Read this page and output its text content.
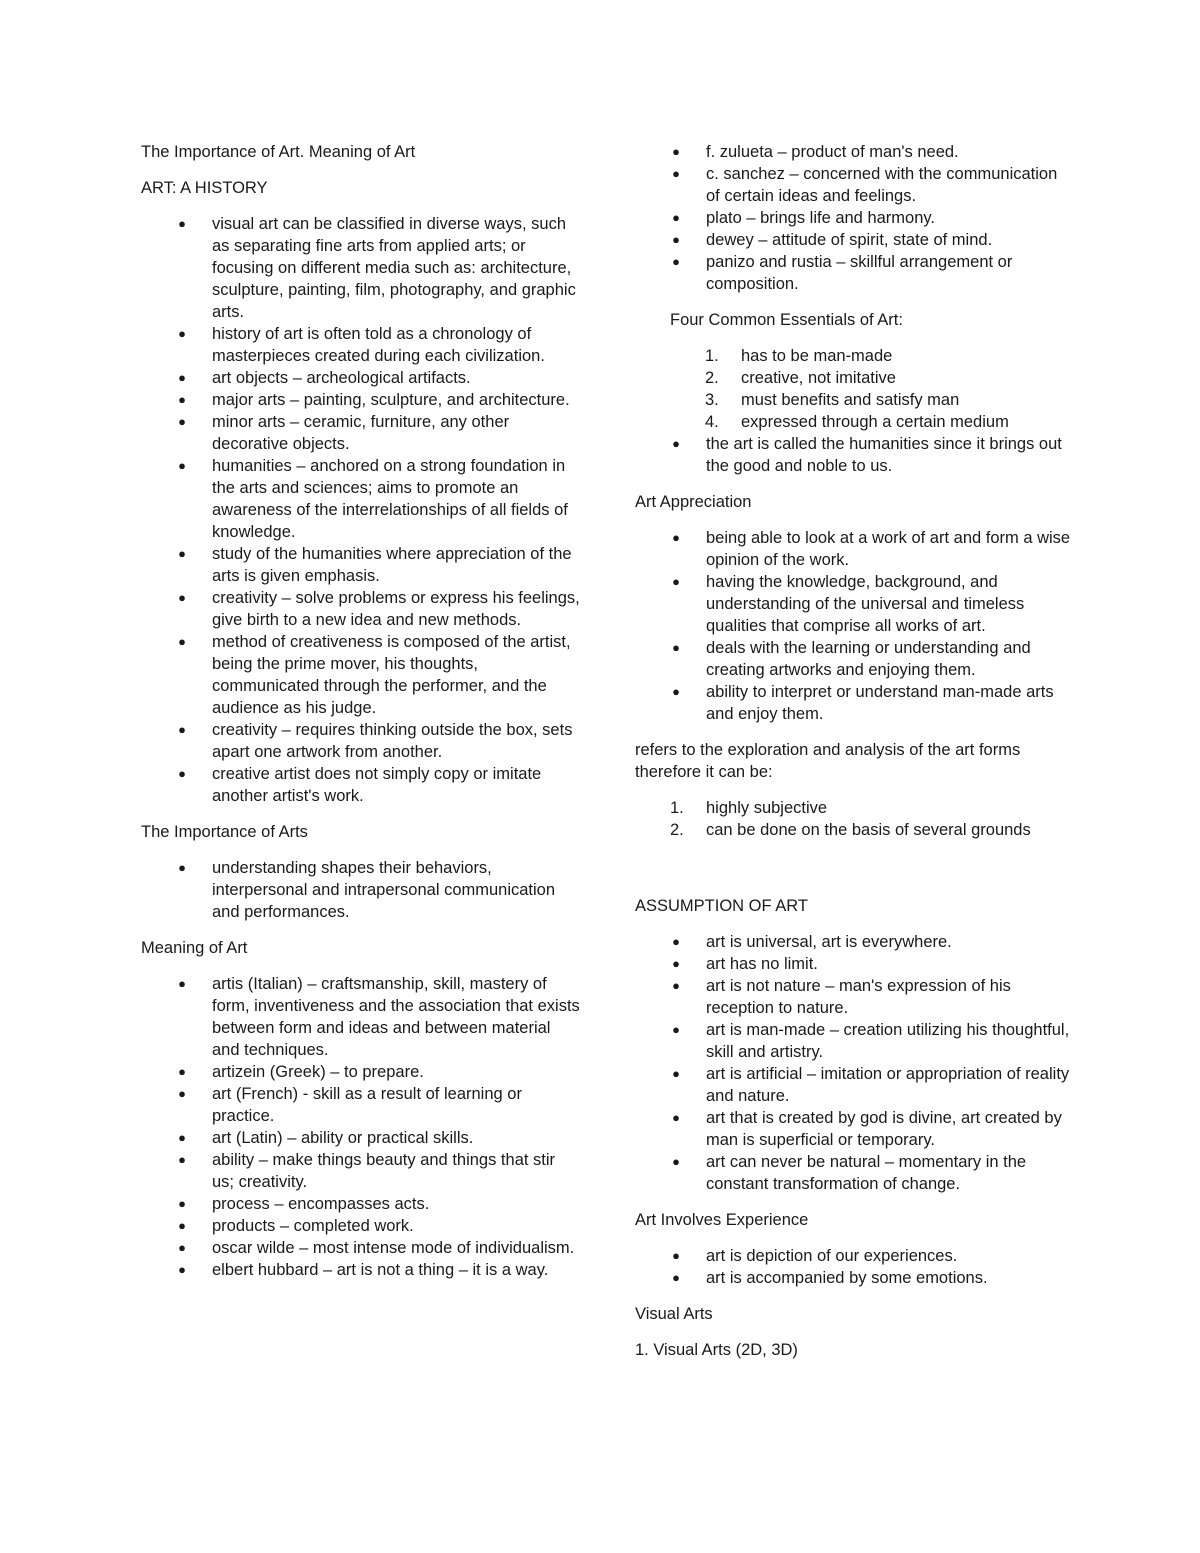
The Importance of Art. Meaning of Art

ART: A HISTORY

● visual art can be classified in diverse ways, such as separating fine arts from applied arts; or focusing on different media such as: architecture, sculpture, painting, film, photography, and graphic arts.
● history of art is often told as a chronology of masterpieces created during each civilization.
● art objects – archeological artifacts.
● major arts – painting, sculpture, and architecture.
● minor arts – ceramic, furniture, any other decorative objects.
● humanities – anchored on a strong foundation in the arts and sciences; aims to promote an awareness of the interrelationships of all fields of knowledge.
● study of the humanities where appreciation of the arts is given emphasis.
● creativity – solve problems or express his feelings, give birth to a new idea and new methods.
● method of creativeness is composed of the artist, being the prime mover, his thoughts, communicated through the performer, and the audience as his judge.
● creativity – requires thinking outside the box, sets apart one artwork from another.
● creative artist does not simply copy or imitate another artist's work.

The Importance of Arts

● understanding shapes their behaviors, interpersonal and intrapersonal communication and performances.

Meaning of Art

● artis (Italian) – craftsmanship, skill, mastery of form, inventiveness and the association that exists between form and ideas and between material and techniques.
● artizein (Greek) – to prepare.
● art (French) - skill as a result of learning or practice.
● art (Latin) – ability or practical skills.
● ability – make things beauty and things that stir us; creativity.
● process – encompasses acts.
● products – completed work.
● oscar wilde – most intense mode of individualism.
● elbert hubbard – art is not a thing – it is a way.
● f. zulueta – product of man's need.
● c. sanchez – concerned with the communication of certain ideas and feelings.
● plato – brings life and harmony.
● dewey – attitude of spirit, state of mind.
● panizo and rustia – skillful arrangement or composition.

Four Common Essentials of Art:

1. has to be man-made
2. creative, not imitative
3. must benefits and satisfy man
4. expressed through a certain medium
● the art is called the humanities since it brings out the good and noble to us.

Art Appreciation

● being able to look at a work of art and form a wise opinion of the work.
● having the knowledge, background, and understanding of the universal and timeless qualities that comprise all works of art.
● deals with the learning or understanding and creating artworks and enjoying them.
● ability to interpret or understand man-made arts and enjoy them.

refers to the exploration and analysis of the art forms therefore it can be:

1. highly subjective
2. can be done on the basis of several grounds

ASSUMPTION OF ART

● art is universal, art is everywhere.
● art has no limit.
● art is not nature – man's expression of his reception to nature.
● art is man-made – creation utilizing his thoughtful, skill and artistry.
● art is artificial – imitation or appropriation of reality and nature.
● art that is created by god is divine, art created by man is superficial or temporary.
● art can never be natural – momentary in the constant transformation of change.

Art Involves Experience

● art is depiction of our experiences.
● art is accompanied by some emotions.

Visual Arts

1. Visual Arts (2D, 3D)
